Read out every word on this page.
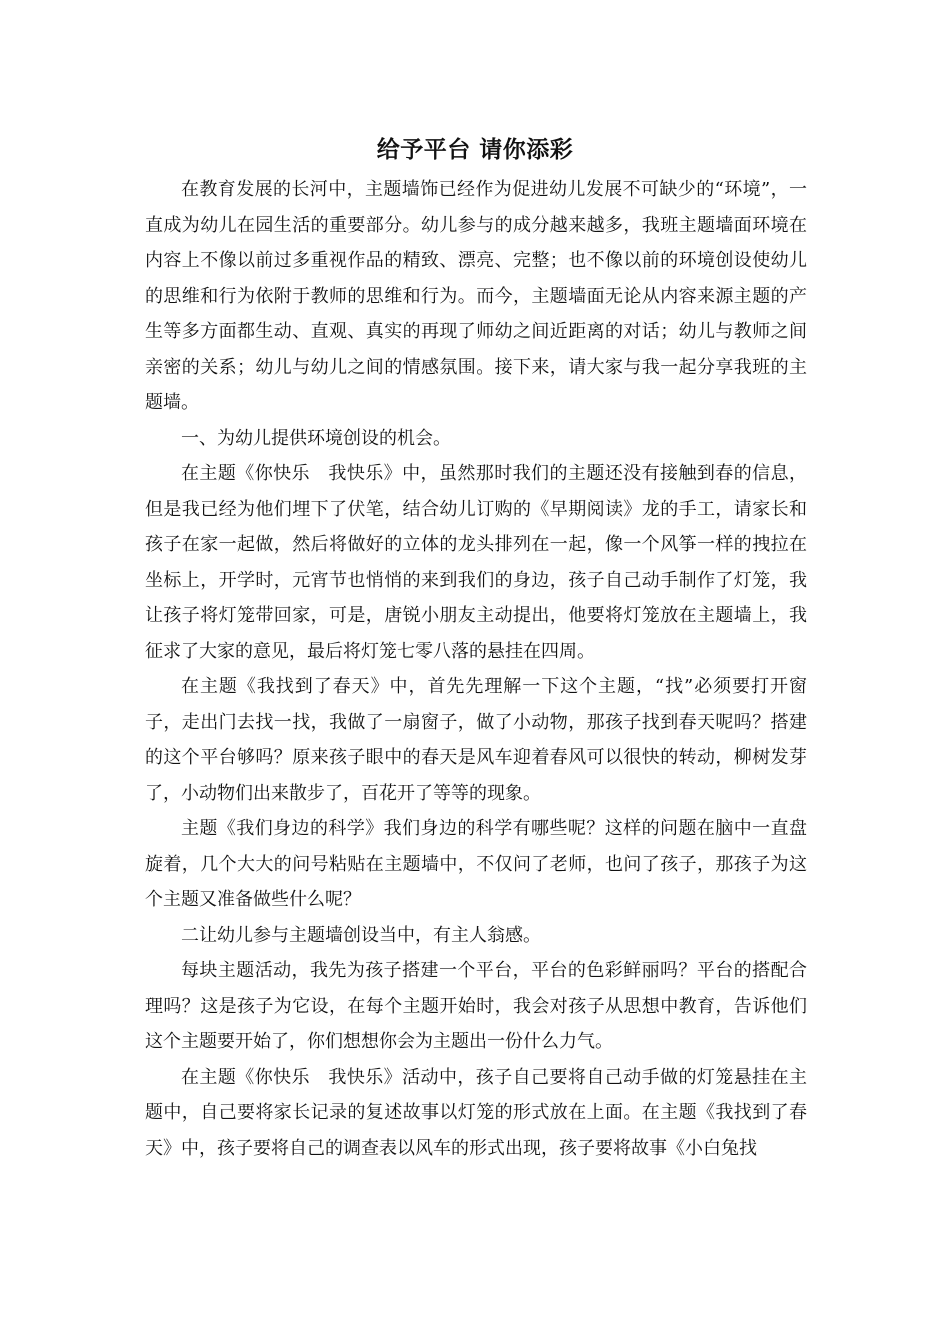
给予平台 请你添彩

在教育发展的长河中，主题墙饰已经作为促进幼儿发展不可缺少的“环境”，一直成为幼儿在园生活的重要部分。幼儿参与的成分越来越多，我班主题墙面环境在内容上不像以前过多重视作品的精致、漂亮、完整；也不像以前的环境创设使幼儿的思维和行为依附于教师的思维和行为。而今，主题墙面无论从内容来源主题的产生等多方面都生动、直观、真实的再现了师幼之间近距离的对话；幼儿与教师之间亲密的关系；幼儿与幼儿之间的情感氛围。接下来，请大家与我一起分享我班的主题墙。

一、为幼儿提供环境创设的机会。

在主题《你快乐　我快乐》中，虽然那时我们的主题还没有接触到春的信息，但是我已经为他们埋下了伏笔，结合幼儿订购的《早期阅读》龙的手工，请家长和孩子在家一起做，然后将做好的立体的龙头排列在一起，像一个风筝一样的拽拉在坐标上，开学时，元宵节也悄悄的来到我们的身边，孩子自己动手制作了灯笼，我让孩子将灯笼带回家，可是，唐锐小朋友主动提出，他要将灯笼放在主题墙上，我征求了大家的意见，最后将灯笼七零八落的悬挂在四周。

在主题《我找到了春天》中，首先先理解一下这个主题，“找”必须要打开窗子，走出门去找一找，我做了一扇窗子，做了小动物，那孩子找到春天呢吗？搭建的这个平台够吗？原来孩子眼中的春天是风车迎着春风可以很快的转动，柳树发芽了，小动物们出来散步了，百花开了等等的现象。

主题《我们身边的科学》我们身边的科学有哪些呢？这样的问题在脑中一直盘旋着，几个大大的问号粘贴在主题墙中，不仅问了老师，也问了孩子，那孩子为这个主题又准备做些什么呢？

二让幼儿参与主题墙创设当中，有主人翁感。

每块主题活动，我先为孩子搭建一个平台，平台的色彩鲜丽吗？平台的搭配合理吗？这是孩子为它设，在每个主题开始时，我会对孩子从思想中教育，告诉他们这个主题要开始了，你们想想你会为主题出一份什么力气。

在主题《你快乐　我快乐》活动中，孩子自己要将自己动手做的灯笼悬挂在主题中，自己要将家长记录的复述故事以灯笼的形式放在上面。在主题《我找到了春天》中，孩子要将自己的调查表以风车的形式出现，孩子要将故事《小白兔找
